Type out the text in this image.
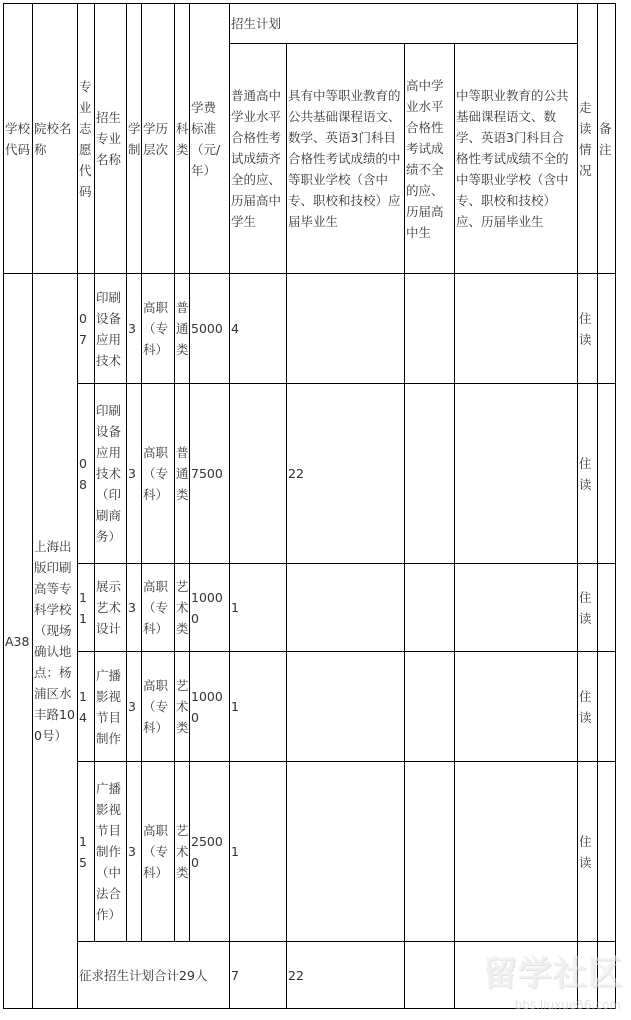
学校代码	院校名称	专业志愿代码	招生专业名称	学制	学历层次	科类	学费标准（元/年）	招生计划				走读情况	备注
								普通高中学业水平合格性考试成绩齐全的应、历届高中学生	具有中等职业教育的公共基础课程语文、数学、英语3门科目合格性考试成绩的中等职业学校（含中专、职校和技校）应届毕业生	高中学业水平合格性考试成绩不全的应、历届高中生	中等职业教育的公共基础课程语文、数学、英语3门科目合格性考试成绩不全的中等职业学校（含中专、职校和技校）应、历届毕业生		
A38	上海出版印刷高等专科学校（现场确认地点：杨浦区水丰路100号）	07	印刷设备应用技术	3	高职（专科）	普通类	5000	4				住读	
		08	印刷设备应用技术（印刷商务）	3	高职（专科）	普通类	7500		22			住读	
		11	展示艺术设计	3	高职（专科）	艺术类	10000	1				住读	
		14	广播影视节目制作	3	高职（专科）	艺术类	10000	1				住读	
		15	广播影视节目制作（中法合作）	3	高职（专科）	艺术类	25000	1				住读	
		征求招生计划合计29人						7	22					留学社区
bbs.liuxue86.com
